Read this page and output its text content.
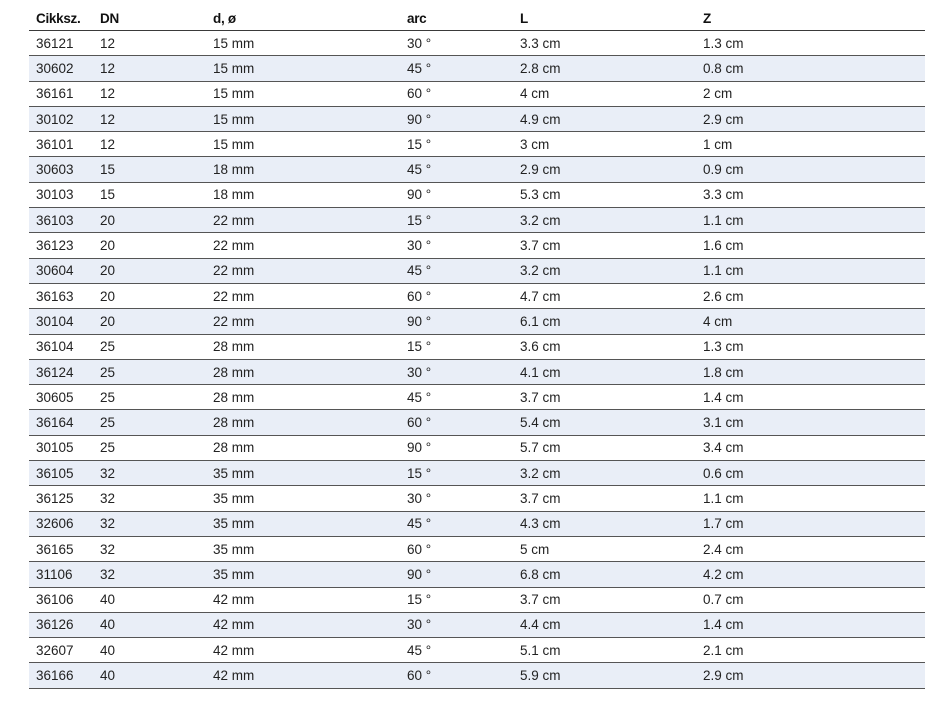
Cikksz.	DN	d, ø	arc	L	Z
36121	12	15 mm	30 °	3.3 cm	1.3 cm
30602	12	15 mm	45 °	2.8 cm	0.8 cm
36161	12	15 mm	60 °	4 cm	2 cm
30102	12	15 mm	90 °	4.9 cm	2.9 cm
36101	12	15 mm	15 °	3 cm	1 cm
30603	15	18 mm	45 °	2.9 cm	0.9 cm
30103	15	18 mm	90 °	5.3 cm	3.3 cm
36103	20	22 mm	15 °	3.2 cm	1.1 cm
36123	20	22 mm	30 °	3.7 cm	1.6 cm
30604	20	22 mm	45 °	3.2 cm	1.1 cm
36163	20	22 mm	60 °	4.7 cm	2.6 cm
30104	20	22 mm	90 °	6.1 cm	4 cm
36104	25	28 mm	15 °	3.6 cm	1.3 cm
36124	25	28 mm	30 °	4.1 cm	1.8 cm
30605	25	28 mm	45 °	3.7 cm	1.4 cm
36164	25	28 mm	60 °	5.4 cm	3.1 cm
30105	25	28 mm	90 °	5.7 cm	3.4 cm
36105	32	35 mm	15 °	3.2 cm	0.6 cm
36125	32	35 mm	30 °	3.7 cm	1.1 cm
32606	32	35 mm	45 °	4.3 cm	1.7 cm
36165	32	35 mm	60 °	5 cm	2.4 cm
31106	32	35 mm	90 °	6.8 cm	4.2 cm
36106	40	42 mm	15 °	3.7 cm	0.7 cm
36126	40	42 mm	30 °	4.4 cm	1.4 cm
32607	40	42 mm	45 °	5.1 cm	2.1 cm
36166	40	42 mm	60 °	5.9 cm	2.9 cm
